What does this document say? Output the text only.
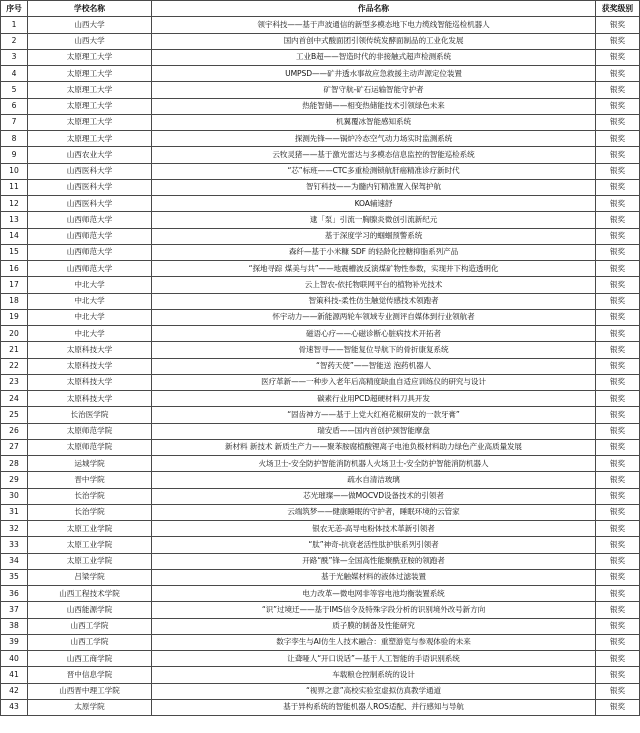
序号	学校名称	作品名称	获奖级别
1	山西大学	领宇科技——基于声波通信的新型多模态地下电力缆线智能巡检机器人	银奖
2	山西大学	国内首创中式酸面团引领传统发酵面制品的工业化发展	银奖
3	太原理工大学	工业B超——智造时代的非接触式超声检测系统	银奖
4	太原理工大学	UMPSD——矿井透水事故应急救援主动声源定位装置	银奖
5	太原理工大学	矿智守航-矿石运输智能守护者	银奖
6	太原理工大学	热能智储——相变热储能技术引领绿色未来	银奖
7	太原理工大学	机翼覆冰智能感知系统	银奖
8	太原理工大学	探测先锋——锅炉冷态空气动力场实时监测系统	银奖
9	山西农业大学	云牧灵猪——基于激光雷达与多模态信息监控的智能巡检系统	银奖
10	山西医科大学	“芯”标班——CTC多重检测锁航肝癌精准诊疗新时代	银奖
11	山西医科大学	智钉科技——为髓内钉精准置入保驾护航	银奖
12	山西医科大学	KOA辅速舒	银奖
13	山西师范大学	逮「泵」引流一胸腺炎微创引流新纪元	银奖
14	山西师范大学	基于深度学习的蝈蝈预警系统	银奖
15	山西师范大学	森纤—基于小米糠 SDF 的轻龄化控糖抑脂系列产品	银奖
16	山西师范大学	“探地寻踪 煤美与共”——地震槽波反演煤矿物性参数，实现井下构造透明化	银奖
17	中北大学	云上智农-依托物联网平台的植物补光技术	银奖
18	中北大学	智策科技-柔性仿生触觉传感技术领跑者	银奖
19	中北大学	怀宇动力——新能源两轮车领域专业测评自媒体到行业领航者	银奖
20	中北大学	磁语心疗——心磁诊断心脏病技术开拓者	银奖
21	太原科技大学	骨速智寻——智能复位导航下的骨折康复系统	银奖
22	太原科技大学	“智药天使”——智能送 泡药机器人	银奖
23	太原科技大学	医疗革新——一种步入老年后高精度缺血自适应训练仪的研究与设计	银奖
24	太原科技大学	碳素行业用PCD超硬材料刀具开发	银奖
25	长治医学院	“固齿神方——基于上党大红袍花椒研发的一款牙膏”	银奖
26	太原师范学院	瑞安盾——国内首创护颈智能摩盘	银奖
27	太原师范学院	新材料 新技术 新质生产力——聚苯胺腐植酸锂离子电池负极材料助力绿色产业高质量发展	银奖
28	运城学院	火场卫士-安全防护智能消防机器人火场卫士-安全防护智能消防机器人	银奖
29	晋中学院	疏水自清洁玻璃	银奖
30	长治学院	芯光璀璨——做MOCVD设备技术的引领者	银奖
31	长治学院	云端筑梦——健康睡眠的守护者，睡眠环境的云管家	银奖
32	太原工业学院	银农无恙-高导电粉体技术革新引领者	银奖
33	太原工业学院	“肽”神奇-抗衰老活性肽护肤系列引领者	银奖
34	太原工业学院	开路“酰”锋—全国高性能聚酰亚胺的领跑者	银奖
35	吕梁学院	基于光触媒材料的液体过滤装置	银奖
36	山西工程技术学院	电力改革—微电网非等容电池均衡装置系统	银奖
37	山西能源学院	“识”过境迁——基于IMS信令及特殊字段分析的识别境外改号新方向	银奖
38	山西工学院	质子膜的制备及性能研究	银奖
39	山西工学院	数字孪生与AI仿生人技术融合：重塑游览与参观体验的未来	银奖
40	山西工商学院	让聋哑人“开口说话”—基于人工智能的手语识别系统	银奖
41	晋中信息学院	车载粮仓控制系统的设计	银奖
42	山西晋中理工学院	“视界之意”高校实验室虚拟仿真教学通道	银奖
43	太原学院	基于异构系统的智能机器人ROS适配、并行感知与导航	银奖
